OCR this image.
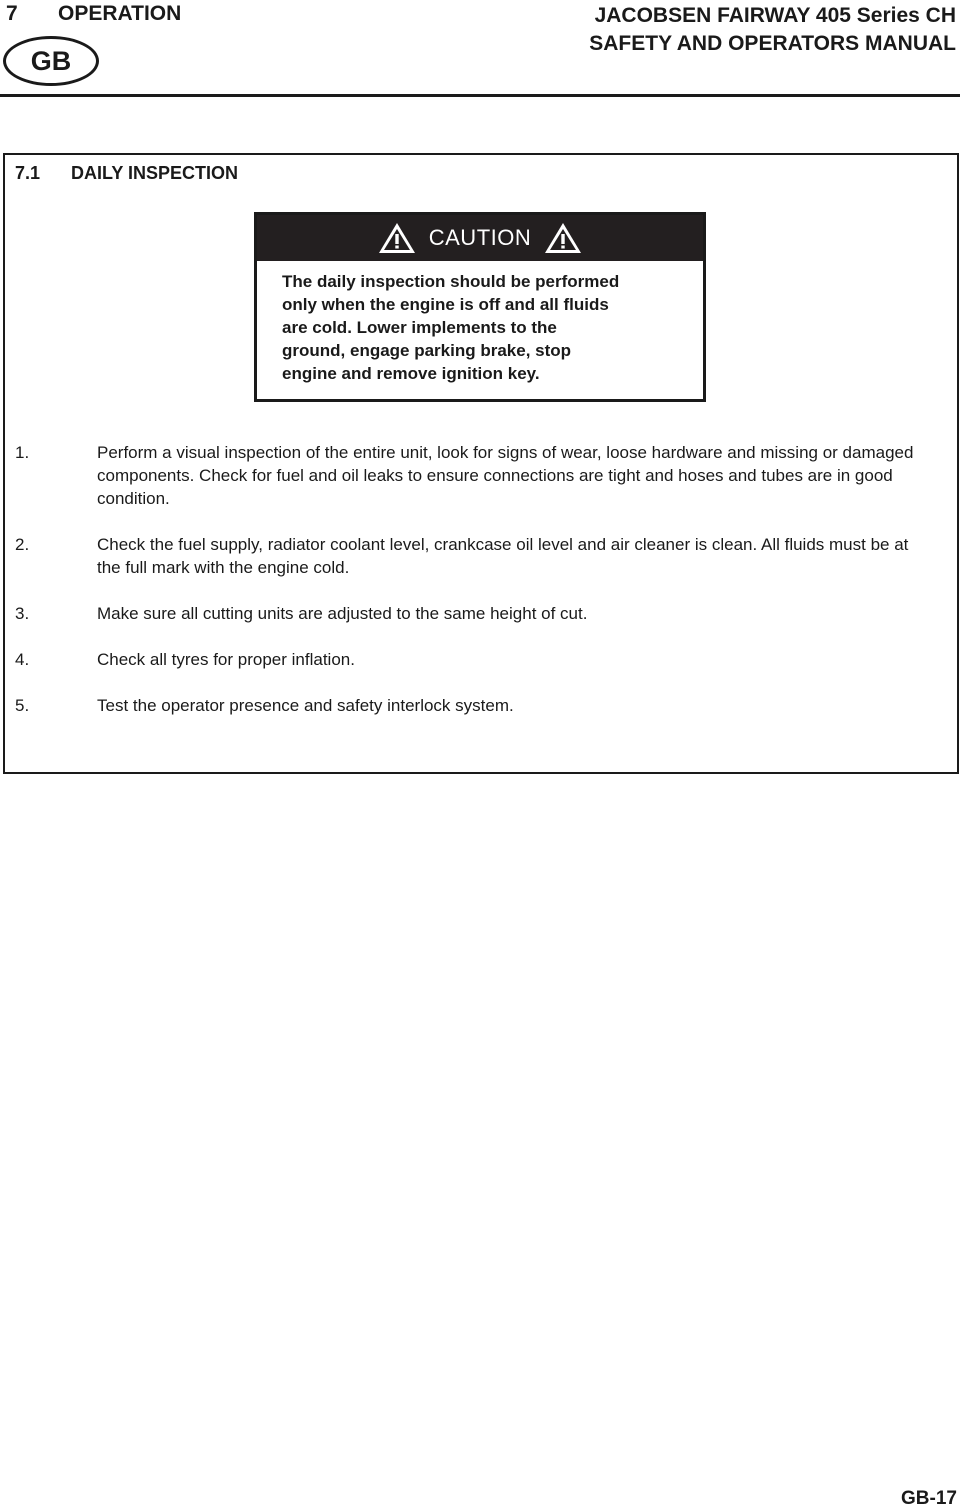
7 OPERATION	JACOBSEN FAIRWAY 405 Series CH
SAFETY AND OPERATORS MANUAL
GB
7.1 DAILY INSPECTION
CAUTION
The daily inspection should be performed
only when the engine is off and all fluids
are cold. Lower implements to the
ground, engage parking brake, stop
engine and remove ignition key.
1.	Perform a visual inspection of the entire unit, look for signs of wear, loose hardware and missing or damaged components. Check for fuel and oil leaks to ensure connections are tight and hoses and tubes are in good condition.
2.	Check the fuel supply, radiator coolant level, crankcase oil level and air cleaner is clean. All fluids must be at the full mark with the engine cold.
3.	Make sure all cutting units are adjusted to the same height of cut.
4.	Check all tyres for proper inflation.
5.	Test the operator presence and safety interlock system.
GB-17
